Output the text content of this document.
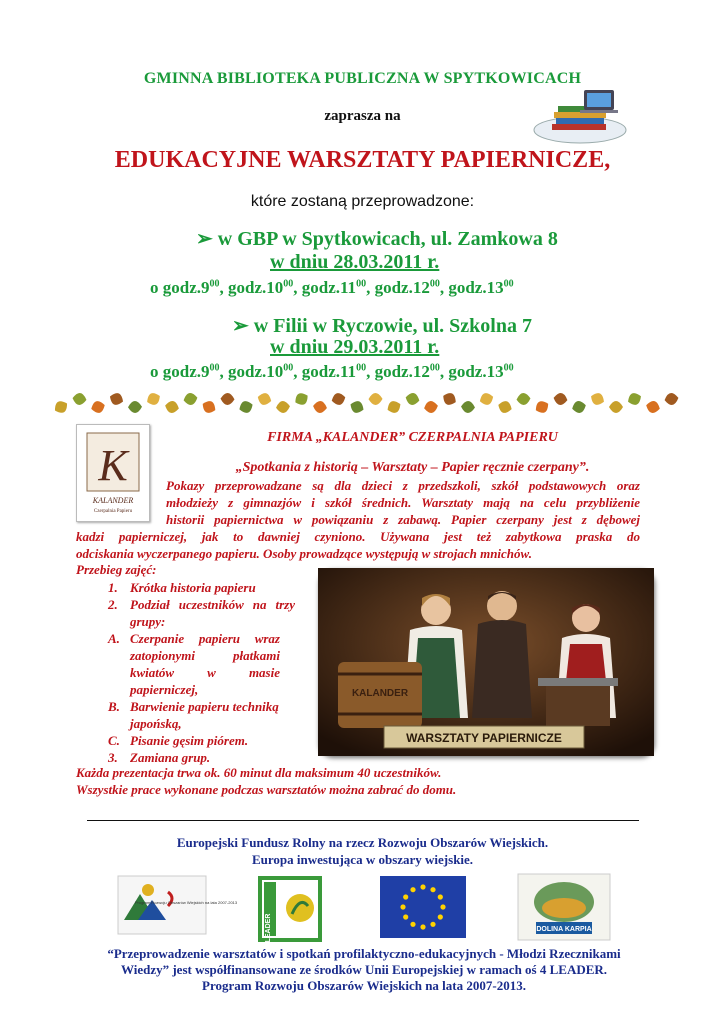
GMINNA BIBLIOTEKA PUBLICZNA W SPYTKOWICACH
zaprasza na
EDUKACYJNE WARSZTATY PAPIERNICZE,
które zostaną przeprowadzone:
➢ w GBP w Spytkowicach, ul. Zamkowa 8
w dniu 28.03.2011 r.
o $godz.9^{00}$, $godz.10^{00}$, $godz.11^{00}$, $godz.12^{00}$, $godz.13^{00}$
➢ w Filii w Ryczowie, ul. Szkolna 7
w dniu 29.03.2011 r.
o $godz.9^{00}$, $godz.10^{00}$, $godz.11^{00}$, $godz.12^{00}$, $godz.13^{00}$
K
KALANDER
Czerpalnia Papieru
FIRMA „KALANDER” CZERPALNIA PAPIERU
„Spotkania z historią – Warsztaty – Papier ręcznie czerpany”.
Pokazy przeprowadzane są dla dzieci z przedszkoli, szkół podstawowych oraz
młodzieży z gimnazjów i szkół średnich. Warsztaty mają na celu przybliżenie
historii papiernictwa w powiązaniu z zabawą. Papier czerpany jest z dębowej
kadzi papierniczej, jak to dawniej czyniono. Używana jest też zabytkowa praska do
odciskania wyczerpanego papieru. Osoby prowadzące występują w strojach mnichów.
Przebieg zajęć:
1. Krótka historia papieru
2. Podział uczestników na trzy grupy:
A. Czerpanie papieru wraz zatopionymi płatkami kwiatów w masie papierniczej,
B. Barwienie papieru techniką japońską,
C. Pisanie gęsim piórem.
3. Zamiana grup.
KALANDER
WARSZTATY PAPIERNICZE
Każda prezentacja trwa ok. 60 minut dla maksimum 40 uczestników.
Wszystkie prace wykonane podczas warsztatów można zabrać do domu.
Europejski Fundusz Rolny na rzecz Rozwoju Obszarów Wiejskich.
Europa inwestująca w obszary wiejskie.
Program Rozwoju Obszarów Wiejskich na lata 2007-2013
LEADER	DOLINA KARPIA
“Przeprowadzenie warsztatów i spotkań profilaktyczno-edukacyjnych - Młodzi Rzecznikami
Wiedzy” jest współfinansowane ze środków Unii Europejskiej w ramach oś 4 LEADER.
Program Rozwoju Obszarów Wiejskich na lata 2007-2013.
